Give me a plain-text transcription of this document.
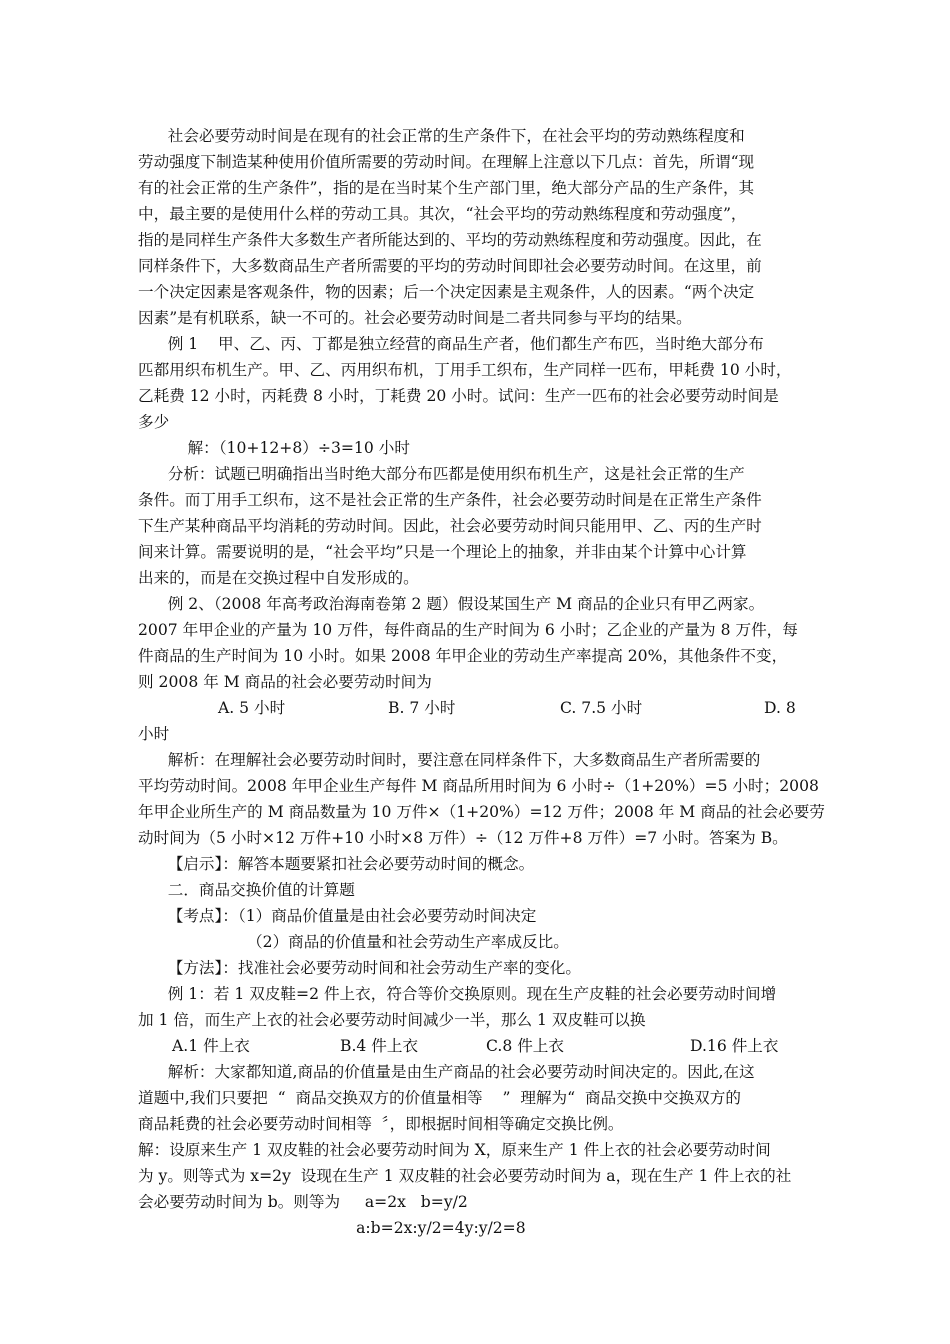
社会必要劳动时间是在现有的社会正常的生产条件下，在社会平均的劳动熟练程度和
劳动强度下制造某种使用价值所需要的劳动时间。在理解上注意以下几点：首先，所谓“现
有的社会正常的生产条件”，指的是在当时某个生产部门里，绝大部分产品的生产条件，其
中，最主要的是使用什么样的劳动工具。其次，“社会平均的劳动熟练程度和劳动强度”，
指的是同样生产条件大多数生产者所能达到的、平均的劳动熟练程度和劳动强度。因此，在
同样条件下，大多数商品生产者所需要的平均的劳动时间即社会必要劳动时间。在这里，前
一个决定因素是客观条件，物的因素；后一个决定因素是主观条件，人的因素。“两个决定
因素”是有机联系，缺一不可的。社会必要劳动时间是二者共同参与平均的结果。
例 1    甲、乙、丙、丁都是独立经营的商品生产者，他们都生产布匹，当时绝大部分布
匹都用织布机生产。甲、乙、丙用织布机，丁用手工织布，生产同样一匹布，甲耗费 10 小时，
乙耗费 12 小时，丙耗费 8 小时，丁耗费 20 小时。试问：生产一匹布的社会必要劳动时间是
多少
解：（10+12+8）÷3=10 小时
分析：试题已明确指出当时绝大部分布匹都是使用织布机生产，这是社会正常的生产
条件。而丁用手工织布，这不是社会正常的生产条件，社会必要劳动时间是在正常生产条件
下生产某种商品平均消耗的劳动时间。因此，社会必要劳动时间只能用甲、乙、丙的生产时
间来计算。需要说明的是，“社会平均”只是一个理论上的抽象，并非由某个计算中心计算
出来的，而是在交换过程中自发形成的。
例 2、（2008 年高考政治海南卷第 2 题）假设某国生产 M 商品的企业只有甲乙两家。
2007 年甲企业的产量为 10 万件，每件商品的生产时间为 6 小时；乙企业的产量为 8 万件，每
件商品的生产时间为 10 小时。如果 2008 年甲企业的劳动生产率提高 20%，其他条件不变，
则 2008 年 M 商品的社会必要劳动时间为
A. 5 小时	B. 7 小时	C. 7.5 小时	D. 8
小时
解析：在理解社会必要劳动时间时，要注意在同样条件下，大多数商品生产者所需要的
平均劳动时间。2008 年甲企业生产每件 M 商品所用时间为 6 小时÷（1+20%）=5 小时；2008
年甲企业所生产的 M 商品数量为 10 万件×（1+20%）=12 万件；2008 年 M 商品的社会必要劳
动时间为（5 小时×12 万件+10 小时×8 万件）÷（12 万件+8 万件）=7 小时。答案为 B。
【启示】：解答本题要紧扣社会必要劳动时间的概念。
二．商品交换价值的计算题
【考点】：（1）商品价值量是由社会必要劳动时间决定
（2）商品的价值量和社会劳动生产率成反比。
【方法】：找准社会必要劳动时间和社会劳动生产率的变化。
例 1：若 1 双皮鞋=2 件上衣，符合等价交换原则。现在生产皮鞋的社会必要劳动时间增
加 1 倍，而生产上衣的社会必要劳动时间减少一半，那么 1 双皮鞋可以换
A.1 件上衣	B.4 件上衣	C.8 件上衣	D.16 件上衣
解析：大家都知道,商品的价值量是由生产商品的社会必要劳动时间决定的。因此,在这
道题中,我们只要把  “  商品交换双方的价值量相等    ”  理解为“  商品交换中交换双方的
商品耗费的社会必要劳动时间相等  〞，即根据时间相等确定交换比例。
解：设原来生产 1 双皮鞋的社会必要劳动时间为 X，原来生产 1 件上衣的社会必要劳动时间
为 y。则等式为 x=2y  设现在生产 1 双皮鞋的社会必要劳动时间为 a，现在生产 1 件上衣的社
会必要劳动时间为 b。则等为     a=2x   b=y/2
a:b=2x:y/2=4y:y/2=8
